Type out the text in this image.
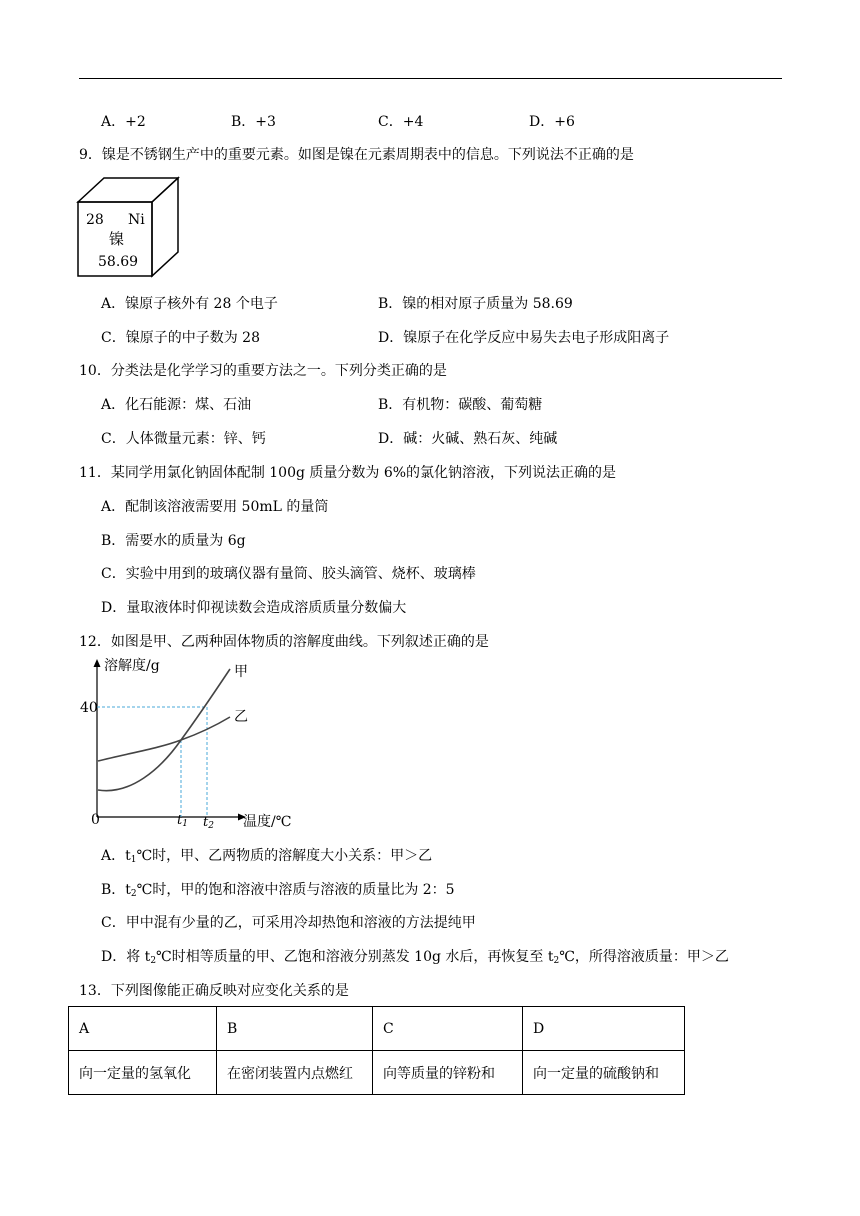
A．+2	B．+3	C．+4	D．+6
9．镍是不锈钢生产中的重要元素。如图是镍在元素周期表中的信息。下列说法不正确的是
28 Ni
镍
58.69
A．镍原子核外有 28 个电子	B．镍的相对原子质量为 58.69
C．镍原子的中子数为 28	D．镍原子在化学反应中易失去电子形成阳离子
10．分类法是化学学习的重要方法之一。下列分类正确的是
A．化石能源：煤、石油	B．有机物：碳酸、葡萄糖
C．人体微量元素：锌、钙	D．碱：火碱、熟石灰、纯碱
11．某同学用氯化钠固体配制 100g 质量分数为 6%的氯化钠溶液，下列说法正确的是
A．配制该溶液需要用 50mL 的量筒
B．需要水的质量为 6g
C．实验中用到的玻璃仪器有量筒、胶头滴管、烧杯、玻璃棒
D．量取液体时仰视读数会造成溶质质量分数偏大
12．如图是甲、乙两种固体物质的溶解度曲线。下列叙述正确的是
溶解度/g
40
0	$t_1$ $t_2$ 温度/℃
甲
乙
A．$t_1℃$时，甲、乙两物质的溶解度大小关系：甲＞乙
B．$t_2℃$时，甲的饱和溶液中溶质与溶液的质量比为 2：5
C．甲中混有少量的乙，可采用冷却热饱和溶液的方法提纯甲
D．将 $t_2℃$时相等质量的甲、乙饱和溶液分别蒸发 10g 水后，再恢复至 $t_2℃$，所得溶液质量：甲＞乙
13．下列图像能正确反映对应变化关系的是
A	B	C	D
向一定量的氢氧化	在密闭装置内点燃红	向等质量的锌粉和	向一定量的硫酸钠和
